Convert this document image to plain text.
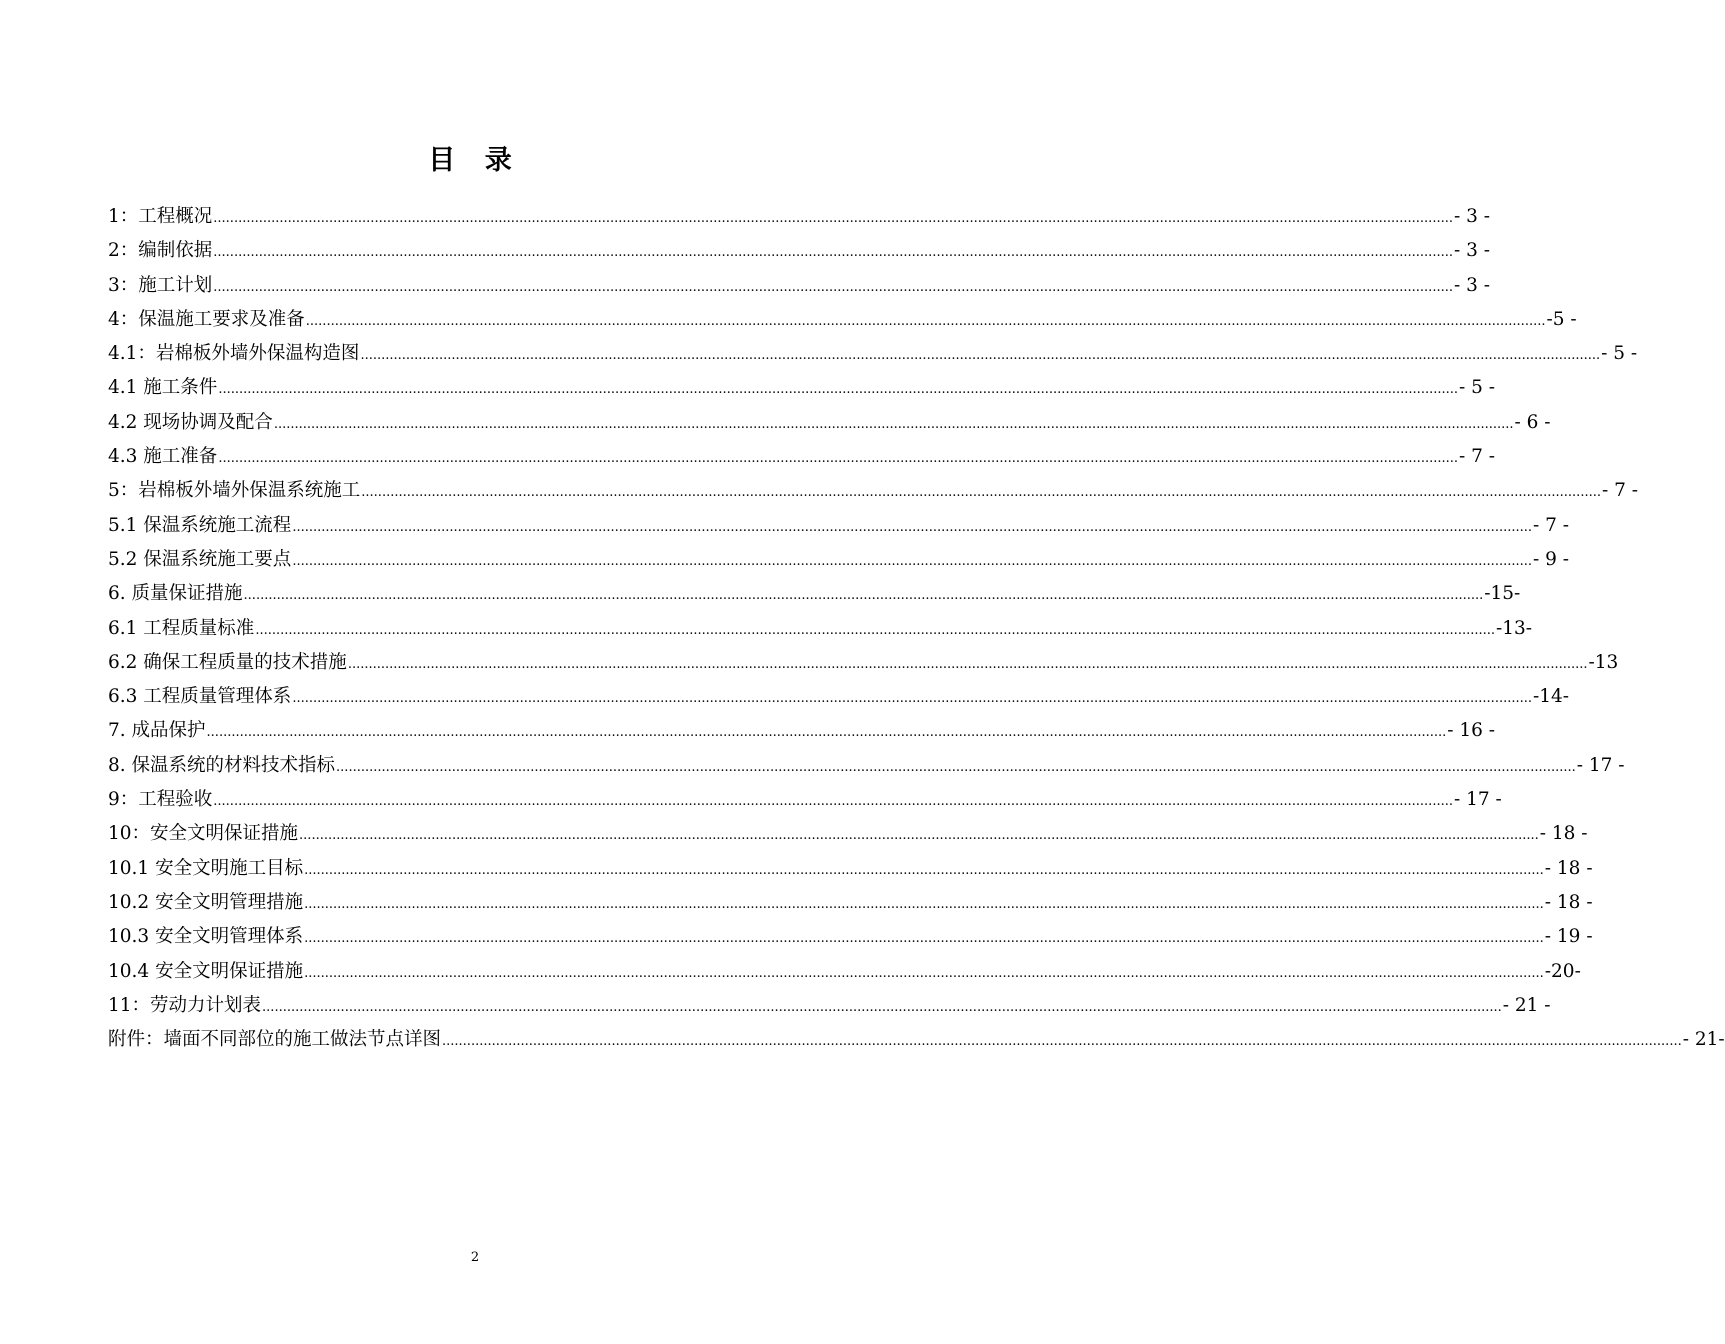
目 录
1：工程概况 ............................................................................................................................................................................................................................................................................................................ - 3 -
2：编制依据 ............................................................................................................................................................................................................................................................................................................ - 3 -
3：施工计划 ............................................................................................................................................................................................................................................................................................................ - 3 -
4：保温施工要求及准备 ............................................................................................................................................................................................................................................................................................................ -5 -
4.1：岩棉板外墙外保温构造图 ............................................................................................................................................................................................................................................................................................................ - 5 -
4.1 施工条件 ............................................................................................................................................................................................................................................................................................................ - 5 -
4.2 现场协调及配合 ............................................................................................................................................................................................................................................................................................................ - 6 -
4.3 施工准备 ............................................................................................................................................................................................................................................................................................................ - 7 -
5：岩棉板外墙外保温系统施工 ............................................................................................................................................................................................................................................................................................................ - 7 -
5.1 保温系统施工流程 ............................................................................................................................................................................................................................................................................................................ - 7 -
5.2 保温系统施工要点 ............................................................................................................................................................................................................................................................................................................ - 9 -
6. 质量保证措施 ............................................................................................................................................................................................................................................................................................................ -15-
6.1 工程质量标准 ............................................................................................................................................................................................................................................................................................................ -13-
6.2 确保工程质量的技术措施 ............................................................................................................................................................................................................................................................................................................ -13
6.3 工程质量管理体系 ............................................................................................................................................................................................................................................................................................................ -14-
7. 成品保护 ............................................................................................................................................................................................................................................................................................................ - 16 -
8. 保温系统的材料技术指标 ............................................................................................................................................................................................................................................................................................................ - 17 -
9：工程验收 ............................................................................................................................................................................................................................................................................................................ - 17 -
10：安全文明保证措施 ............................................................................................................................................................................................................................................................................................................ - 18 -
10.1 安全文明施工目标 ............................................................................................................................................................................................................................................................................................................ - 18 -
10.2 安全文明管理措施 ............................................................................................................................................................................................................................................................................................................ - 18 -
10.3 安全文明管理体系 ............................................................................................................................................................................................................................................................................................................ - 19 -
10.4 安全文明保证措施 ............................................................................................................................................................................................................................................................................................................ -20-
11：劳动力计划表 ............................................................................................................................................................................................................................................................................................................ - 21 -
附件：墙面不同部位的施工做法节点详图 ............................................................................................................................................................................................................................................................................................................ - 21-
2
